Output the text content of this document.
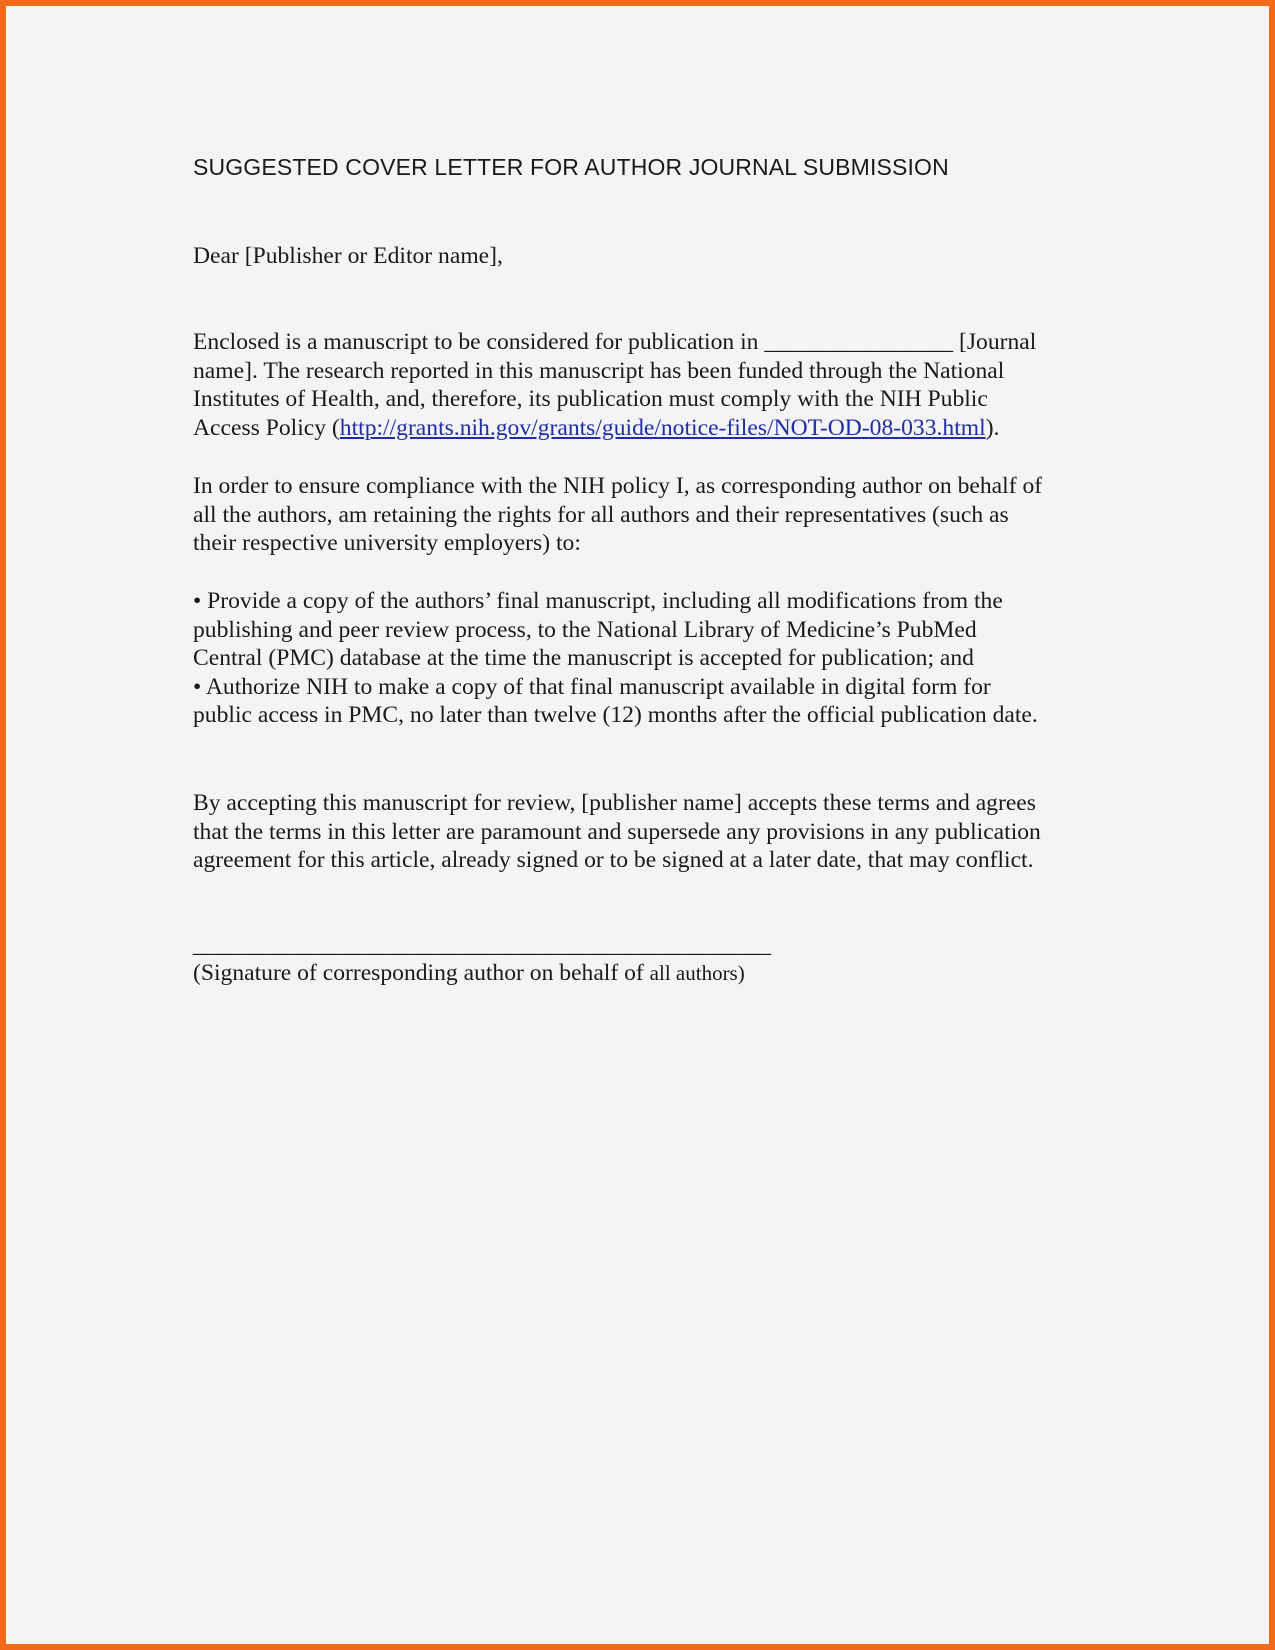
SUGGESTED COVER LETTER FOR AUTHOR JOURNAL SUBMISSION

Dear [Publisher or Editor name],

Enclosed is a manuscript to be considered for publication in ________________ [Journal
name]. The research reported in this manuscript has been funded through the National
Institutes of Health, and, therefore, its publication must comply with the NIH Public
Access Policy (http://grants.nih.gov/grants/guide/notice-files/NOT-OD-08-033.html).

In order to ensure compliance with the NIH policy I, as corresponding author on behalf of
all the authors, am retaining the rights for all authors and their representatives (such as
their respective university employers) to:

• Provide a copy of the authors’ final manuscript, including all modifications from the
publishing and peer review process, to the National Library of Medicine’s PubMed
Central (PMC) database at the time the manuscript is accepted for publication; and
• Authorize NIH to make a copy of that final manuscript available in digital form for
public access in PMC, no later than twelve (12) months after the official publication date.

By accepting this manuscript for review, [publisher name] accepts these terms and agrees
that the terms in this letter are paramount and supersede any provisions in any publication
agreement for this article, already signed or to be signed at a later date, that may conflict.

_________________________________________________

(Signature of corresponding author on behalf of all authors)
